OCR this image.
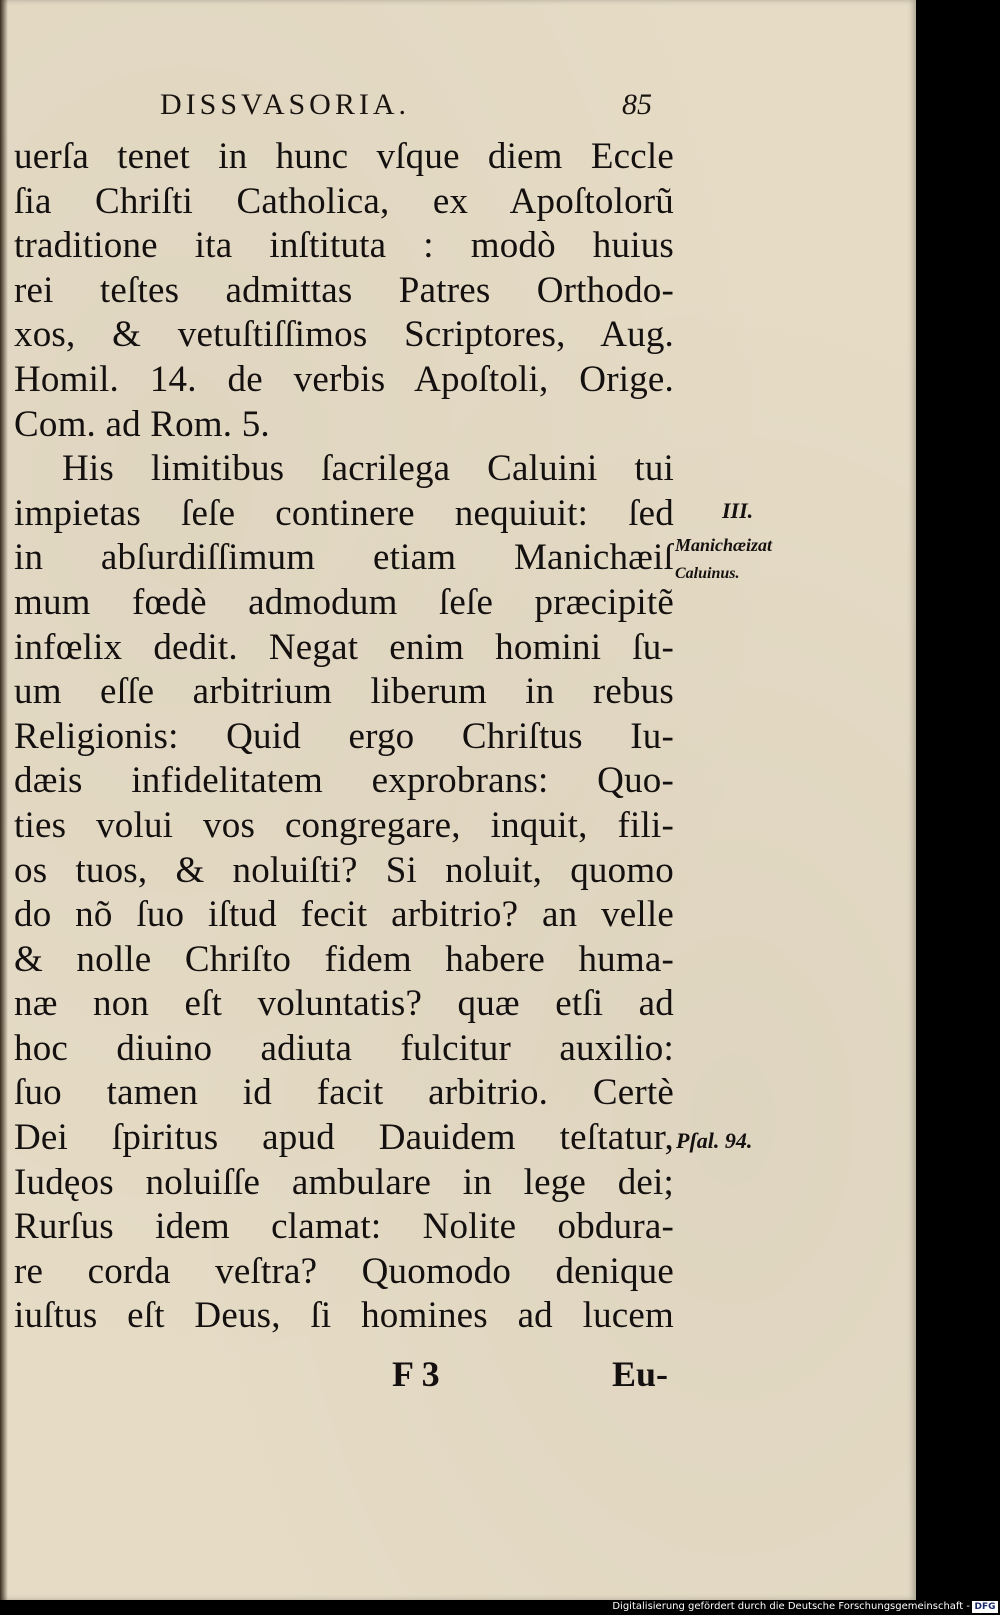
DISSVASORIA.	85
uerſa tenet in hunc vſque diem Eccle
ſia Chriſti Catholica, ex Apoſtolorũ
traditione ita inſtituta : modò huius
rei teſtes admittas Patres Orthodo-
xos, & vetuſtiſſimos Scriptores, Aug.
Homil. 14. de verbis Apoſtoli, Orige.
Com. ad Rom. 5.
His limitibus ſacrilega Caluini tui
impietas ſeſe continere nequiuit: ſed
in abſurdiſſimum etiam Manichæiſ
mum fœdè admodum ſeſe præcipitẽ
infœlix dedit. Negat enim homini ſu-
um eſſe arbitrium liberum in rebus
Religionis: Quid ergo Chriſtus Iu-
dæis infidelitatem exprobrans: Quo-
ties volui vos congregare, inquit, fili-
os tuos, & noluiſti? Si noluit, quomo
do nõ ſuo iſtud fecit arbitrio? an velle
& nolle Chriſto fidem habere huma-
næ non eſt voluntatis? quæ etſi ad
hoc diuino adiuta fulcitur auxilio:
ſuo tamen id facit arbitrio. Certè
Dei ſpiritus apud Dauidem teſtatur,
Iudęos noluiſſe ambulare in lege dei;
Rurſus idem clamat: Nolite obdura-
re corda veſtra? Quomodo denique
iuſtus eſt Deus, ſi homines ad lucem
III.
Manichæizat
Caluinus.
Pſal. 94.
F 3	Eu-
Digitalisierung gefördert durch die Deutsche Forschungsgemeinschaft - DFG
